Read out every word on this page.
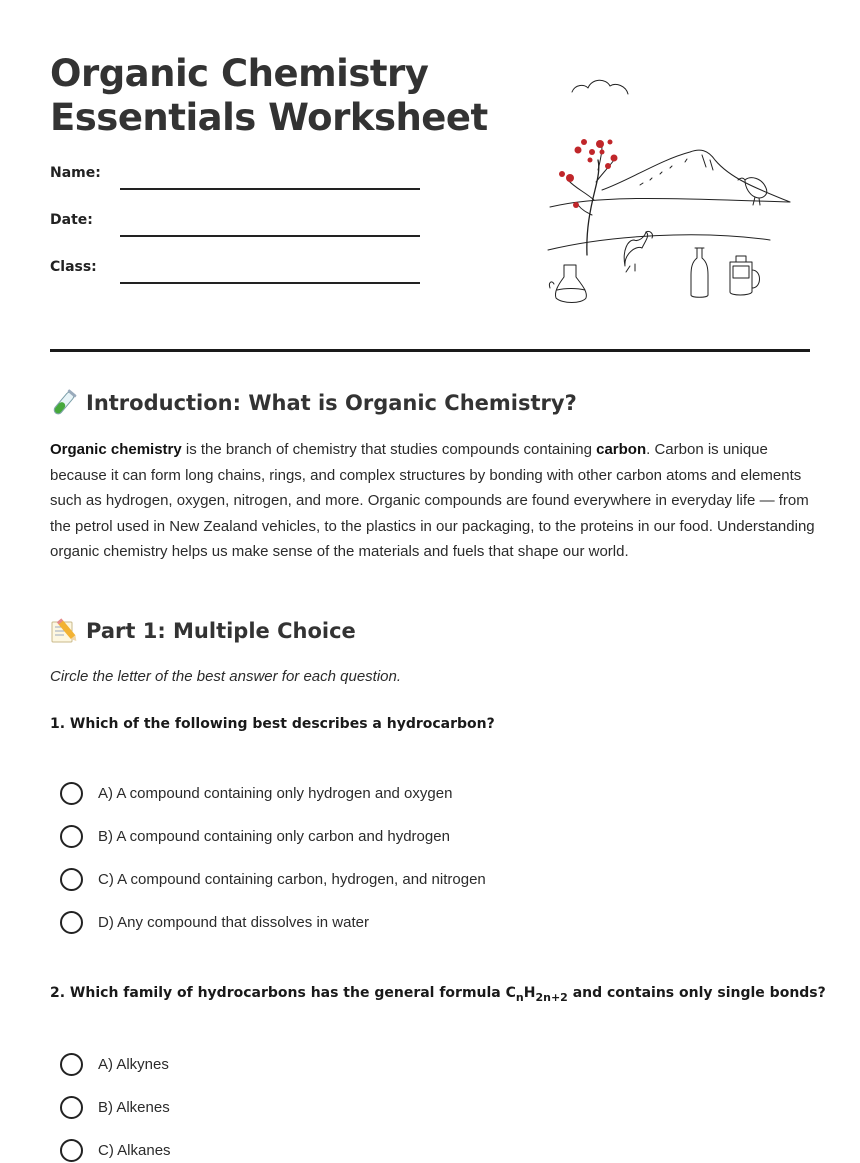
Organic Chemistry
Essentials Worksheet
Name:
Date:
Class:
Introduction: What is Organic Chemistry?
Organic chemistry is the branch of chemistry that studies compounds containing carbon. Carbon is unique because it can form long chains, rings, and complex structures by bonding with other carbon atoms and elements such as hydrogen, oxygen, nitrogen, and more. Organic compounds are found everywhere in everyday life — from the petrol used in New Zealand vehicles, to the plastics in our packaging, to the proteins in our food. Understanding organic chemistry helps us make sense of the materials and fuels that shape our world.
Part 1: Multiple Choice
Circle the letter of the best answer for each question.
1. Which of the following best describes a hydrocarbon?
A) A compound containing only hydrogen and oxygen
B) A compound containing only carbon and hydrogen
C) A compound containing carbon, hydrogen, and nitrogen
D) Any compound that dissolves in water
2. Which family of hydrocarbons has the general formula $C_nH_{2n+2}$ and contains only single bonds?
A) Alkynes
B) Alkenes
C) Alkanes
